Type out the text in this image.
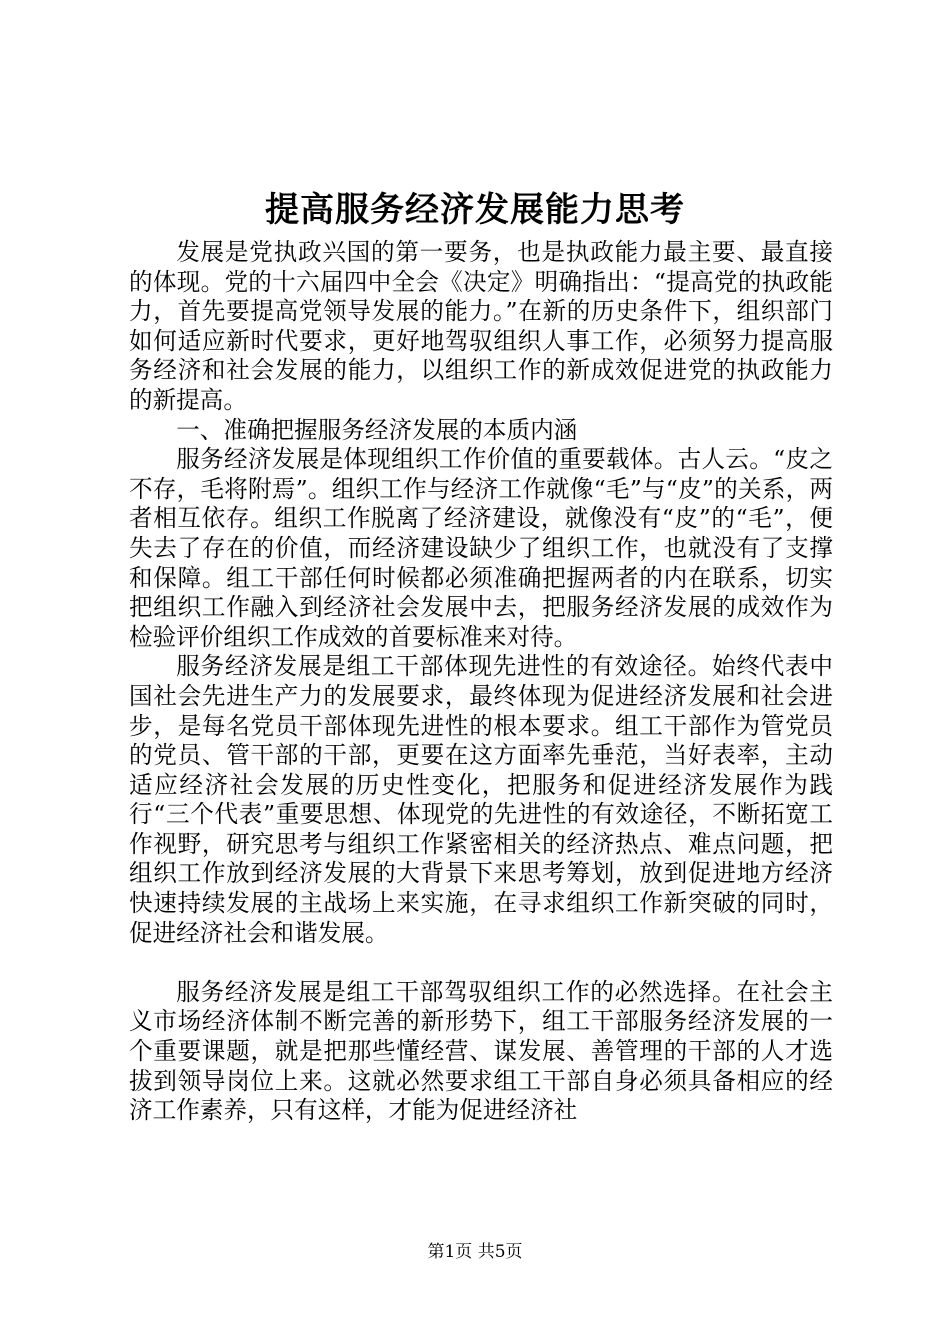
提高服务经济发展能力思考

发展是党执政兴国的第一要务，也是执政能力最主要、最直接的体现。党的十六届四中全会《决定》明确指出：“提高党的执政能力，首先要提高党领导发展的能力。”在新的历史条件下，组织部门如何适应新时代要求，更好地驾驭组织人事工作，必须努力提高服务经济和社会发展的能力，以组织工作的新成效促进党的执政能力的新提高。

一、准确把握服务经济发展的本质内涵

服务经济发展是体现组织工作价值的重要载体。古人云。“皮之不存，毛将附焉”。组织工作与经济工作就像“毛”与“皮”的关系，两者相互依存。组织工作脱离了经济建设，就像没有“皮”的“毛”，便失去了存在的价值，而经济建设缺少了组织工作，也就没有了支撑和保障。组工干部任何时候都必须准确把握两者的内在联系，切实把组织工作融入到经济社会发展中去，把服务经济发展的成效作为检验评价组织工作成效的首要标准来对待。

服务经济发展是组工干部体现先进性的有效途径。始终代表中国社会先进生产力的发展要求，最终体现为促进经济发展和社会进步，是每名党员干部体现先进性的根本要求。组工干部作为管党员的党员、管干部的干部，更要在这方面率先垂范，当好表率，主动适应经济社会发展的历史性变化，把服务和促进经济发展作为践行“三个代表”重要思想、体现党的先进性的有效途径，不断拓宽工作视野，研究思考与组织工作紧密相关的经济热点、难点问题，把组织工作放到经济发展的大背景下来思考筹划，放到促进地方经济快速持续发展的主战场上来实施，在寻求组织工作新突破的同时，促进经济社会和谐发展。

服务经济发展是组工干部驾驭组织工作的必然选择。在社会主义市场经济体制不断完善的新形势下，组工干部服务经济发展的一个重要课题，就是把那些懂经营、谋发展、善管理的干部的人才选拔到领导岗位上来。这就必然要求组工干部自身必须具备相应的经济工作素养，只有这样，才能为促进经济社

第1页 共5页
